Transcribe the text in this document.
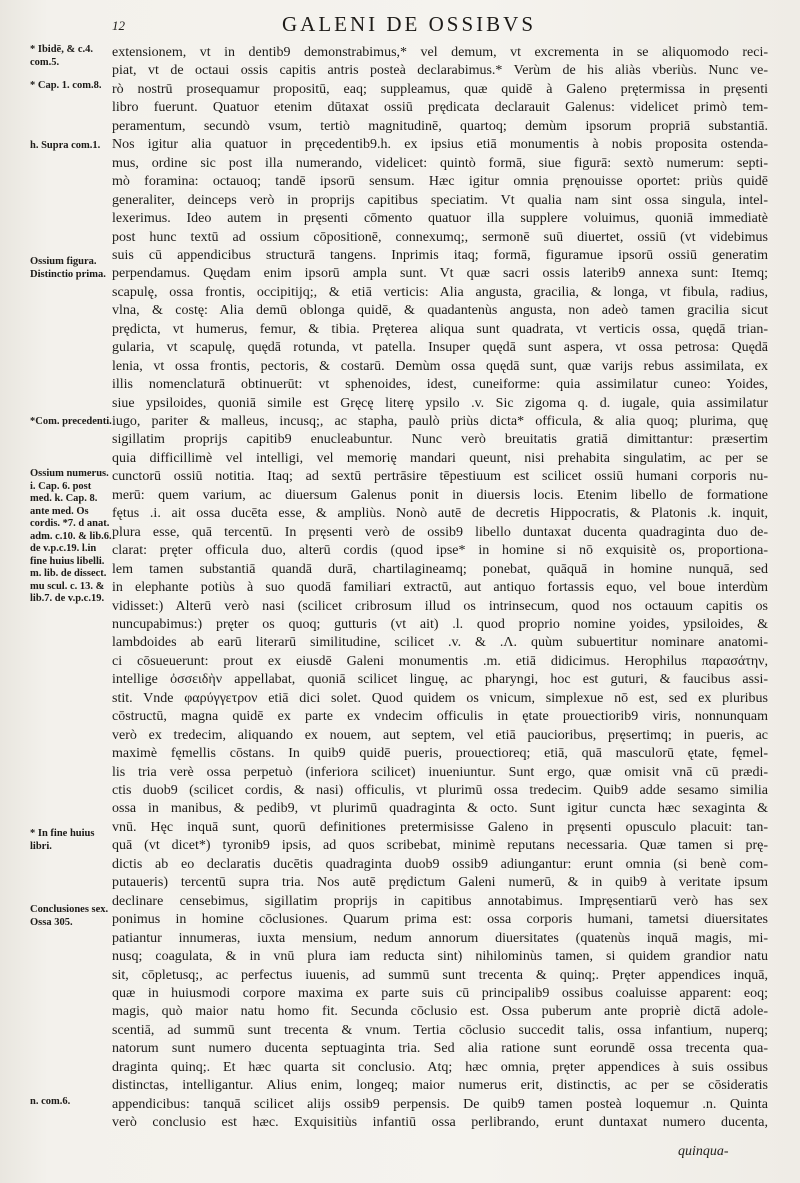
12	GALENI DE OSSIBVS
* Ibidē, & c.4. com.5.
* Cap. 1. com.8.
h. Supra com.1.
Ossium figura. Distinctio prima.
*Com. precedenti.
Ossium numerus. i. Cap. 6. post med. k. Cap. 8. ante med. Os cordis. *7. d anat. adm. c.10. & lib.6. de v.p.c.19. l.in fine huius libelli. m. lib. de dissect. mu scul. c. 13. & lib.7. de v.p.c.19.
* In fine huius libri.
Conclusiones sex. Ossa 305.
n. com.6.
extensionem, vt in dentib9 demonstrabimus,* vel demum, vt excrementa in se aliquomodo reci-
piat, vt de octaui ossis capitis antris posteà declarabimus.* Verùm de his aliàs vberiùs. Nunc ve-
rò nostrū prosequamur propositū, eaq; suppleamus, quæ quidē à Galeno prętermissa in pręsenti
libro fuerunt. Quatuor etenim dūtaxat ossiū prędicata declarauit Galenus: videlicet primò tem-
peramentum, secundò vsum, tertiò magnitudinē, quartoq; demùm ipsorum propriā substantiā.
Nos igitur alia quatuor in pręcedentib9.h. ex ipsius etiā monumentis à nobis proposita ostenda-
mus, ordine sic post illa numerando, videlicet: quintò formā, siue figurā: sextò numerum: septi-
mò foramina: octauoq; tandē ipsorū sensum. Hæc igitur omnia pręnouisse oportet: priùs quidē
generaliter, deinceps verò in proprijs capitibus speciatim. Vt qualia nam sint ossa singula, intel-
lexerimus. Ideo autem in pręsenti cōmento quatuor illa supplere voluimus, quoniā immediatè
post hunc textū ad ossium cōpositionē, connexumq;, sermonē suū diuertet, ossiū (vt videbimus
suis cū appendicibus structurā tangens. Inprimis itaq; formā, figuramue ipsorū ossiū generatim
perpendamus. Quędam enim ipsorū ampla sunt. Vt quæ sacri ossis laterib9 annexa sunt: Itemq;
scapulę, ossa frontis, occipitijq;, & etiā verticis: Alia angusta, gracilia, & longa, vt fibula, radius,
vlna, & costę: Alia demū oblonga quidē, & quadantenùs angusta, non adeò tamen gracilia sicut
prędicta, vt humerus, femur, & tibia. Pręterea aliqua sunt quadrata, vt verticis ossa, quędā trian-
gularia, vt scapulę, quędā rotunda, vt patella. Insuper quędā sunt aspera, vt ossa petrosa: Quędā
lenia, vt ossa frontis, pectoris, & costarū. Demùm ossa quędā sunt, quæ varijs rebus assimilata, ex
illis nomenclaturā obtinuerūt: vt sphenoides, idest, cuneiforme: quia assimilatur cuneo: Yoides,
siue ypsiloides, quoniā simile est Gręcę literę ypsilo .v. Sic zigoma q. d. iugale, quia assimilatur
iugo, pariter & malleus, incusq;, ac stapha, paulò priùs dicta* officula, & alia quoq; plurima, quę
sigillatim proprijs capitib9 enucleabuntur. Nunc verò breuitatis gratiā dimittantur: præsertim
quia difficillimè vel intelligi, vel memorię mandari queunt, nisi prehabita singulatim, ac per se
cunctorū ossiū notitia. Itaq; ad sextū pertrāsire tēpestiuum est scilicet ossiū humani corporis nu-
merū: quem varium, ac diuersum Galenus ponit in diuersis locis. Etenim libello de formatione
fętus .i. ait ossa ducēta esse, & ampliùs. Nonò autē de decretis Hippocratis, & Platonis .k. inquit,
plura esse, quā tercentū. In pręsenti verò de ossib9 libello duntaxat ducenta quadraginta duo de-
clarat: pręter officula duo, alterū cordis (quod ipse* in homine si nō exquisitè os, proportiona-
lem tamen substantiā quandā durā, chartilagineamq; ponebat, quāquā in homine nunquā, sed
in elephante potiùs à suo quodā familiari extractū, aut antiquo fortassis equo, vel boue interdùm
vidisset:) Alterū verò nasi (scilicet cribrosum illud os intrinsecum, quod nos octauum capitis os
nuncupabimus:) pręter os quoq; gutturis (vt ait) .l. quod proprio nomine yoides, ypsiloides, &
lambdoides ab earū literarū similitudine, scilicet .v. & .Λ. quùm subuertitur nominare anatomi-
ci cōsueuerunt: prout ex eiusdē Galeni monumentis .m. etiā didicimus. Herophilus παρασάτην,
intellige ὀσσειδὴν appellabat, quoniā scilicet linguę, ac pharyngi, hoc est guturi, & faucibus assi-
stit. Vnde φαρύγγετρον etiā dici solet. Quod quidem os vnicum, simplexue nō est, sed ex pluribus
cōstructū, magna quidē ex parte ex vndecim officulis in ętate prouectiorib9 viris, nonnunquam
verò ex tredecim, aliquando ex nouem, aut septem, vel etiā paucioribus, pręsertimq; in pueris, ac
maximè fęmellis cōstans. In quib9 quidē pueris, prouectioreq; etiā, quā masculorū ętate, fęmel-
lis tria verè ossa perpetuò (inferiora scilicet) inueniuntur. Sunt ergo, quæ omisit vnā cū prædi-
ctis duob9 (scilicet cordis, & nasi) officulis, vt plurimū ossa tredecim. Quib9 adde sesamo similia
ossa in manibus, & pedib9, vt plurimū quadraginta & octo. Sunt igitur cuncta hæc sexaginta &
vnū. Hęc inquā sunt, quorū definitiones pretermisisse Galeno in pręsenti opusculo placuit: tan-
quā (vt dicet*) tyronib9 ipsis, ad quos scribebat, minimè reputans necessaria. Quæ tamen si prę-
dictis ab eo declaratis ducētis quadraginta duob9 ossib9 adiungantur: erunt omnia (si benè com-
putaueris) tercentū supra tria. Nos autē prędictum Galeni numerū, & in quib9 à veritate ipsum
declinare censebimus, sigillatim proprijs in capitibus annotabimus. Impręsentiarū verò has sex
ponimus in homine cōclusiones. Quarum prima est: ossa corporis humani, tametsi diuersitates
patiantur innumeras, iuxta mensium, nedum annorum diuersitates (quatenùs inquā magis, mi-
nusq; coagulata, & in vnū plura iam reducta sint) nihilominùs tamen, si quidem grandior natu
sit, cōpletusq;, ac perfectus iuuenis, ad summū sunt trecenta & quinq;. Pręter appendices inquā,
quæ in huiusmodi corpore maxima ex parte suis cū principalib9 ossibus coaluisse apparent: eoq;
magis, quò maior natu homo fit. Secunda cōclusio est. Ossa puberum ante propriè dictā adole-
scentiā, ad summū sunt trecenta & vnum. Tertia cōclusio succedit talis, ossa infantium, nuperq;
natorum sunt numero ducenta septuaginta tria. Sed alia ratione sunt eorundē ossa trecenta qua-
draginta quinq;. Et hæc quarta sit conclusio. Atq; hæc omnia, pręter appendices à suis ossibus
distinctas, intelligantur. Alius enim, longeq; maior numerus erit, distinctis, ac per se cōsideratis
appendicibus: tanquā scilicet alijs ossib9 perpensis. De quib9 tamen posteà loquemur .n. Quinta
verò conclusio est hæc. Exquisitiùs infantiū ossa perlibrando, erunt duntaxat numero ducenta,
quinqua-
